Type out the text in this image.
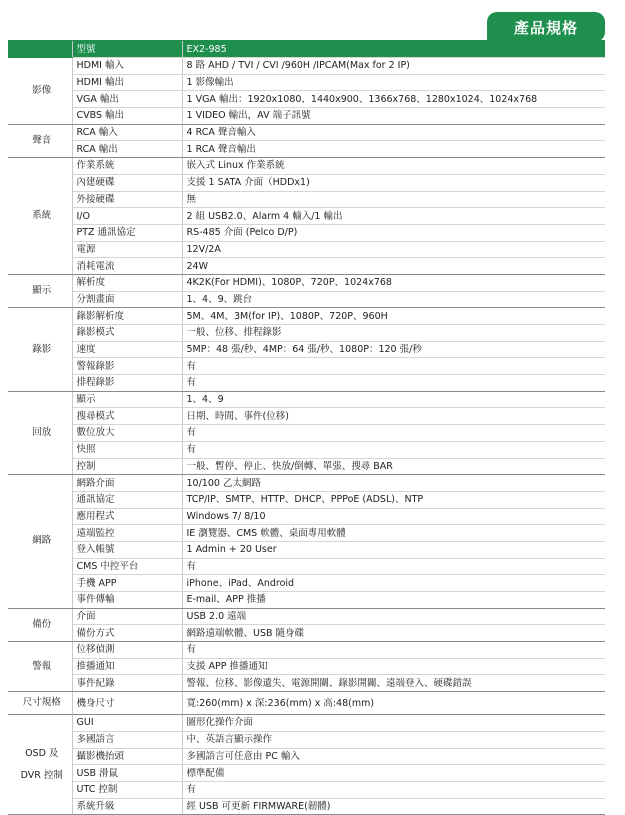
產品規格
	型號	EX2-985
影像	HDMI 輸入	8 路 AHD / TVI / CVI /960H /IPCAM(Max for 2 IP)
	HDMI 輸出	1 影像輸出
	VGA 輸出	1 VGA 輸出：1920x1080、1440x900、1366x768、1280x1024、1024x768
	CVBS 輸出	1 VIDEO 輸出，AV 端子訊號
聲音	RCA 輸入	4 RCA 聲音輸入
	RCA 輸出	1 RCA 聲音輸出
系統	作業系統	嵌入式 Linux 作業系統
	內建硬碟	支援 1 SATA 介面（HDDx1)
	外接硬碟	無
	I/O	2 組 USB2.0、Alarm 4 輸入/1 輸出
	PTZ 通訊協定	RS-485 介面 (Pelco D/P)
	電源	12V/2A
	消耗電流	24W
顯示	解析度	4K2K(For HDMI)、1080P、720P、1024x768
	分割畫面	1、4、9、跳台
錄影	錄影解析度	5M、4M、3M(for IP)、1080P、720P、960H
	錄影模式	一般、位移、排程錄影
	速度	5MP：48 張/秒、4MP：64 張/秒、1080P：120 張/秒
	警報錄影	有
	排程錄影	有
回放	顯示	1、4、9
	搜尋模式	日期、時間、事件(位移)
	數位放大	有
	快照	有
	控制	一般、暫停、停止、快放/倒轉、單張、搜尋 BAR
網路	網路介面	10/100 乙太網路
	通訊協定	TCP/IP、SMTP、HTTP、DHCP、PPPoE (ADSL)、NTP
	應用程式	Windows 7/ 8/10
	遠端監控	IE 瀏覽器、CMS 軟體、桌面專用軟體
	登入帳號	1 Admin + 20 User
	CMS 中控平台	有
	手機 APP	iPhone、iPad、Android
	事件傳輸	E-mail、APP 推播
備份	介面	USB 2.0 遠端
	備份方式	網路遠端軟體、USB 隨身碟
警報	位移偵測	有
	推播通知	支援 APP 推播通知
	事件紀錄	警報、位移、影像遺失、電源開關、錄影開關、遠端登入、硬碟錯誤
尺寸規格	機身尺寸	寬:260(mm) x 深:236(mm) x 高:48(mm)
OSD 及
DVR 控制	GUI	圖形化操作介面
	多國語言	中、英語言顯示操作
	攝影機抬頭	多國語言可任意由 PC 輸入
	USB 滑鼠	標準配備
	UTC 控制	有
	系統升級	經 USB 可更新 FIRMWARE(韌體)
